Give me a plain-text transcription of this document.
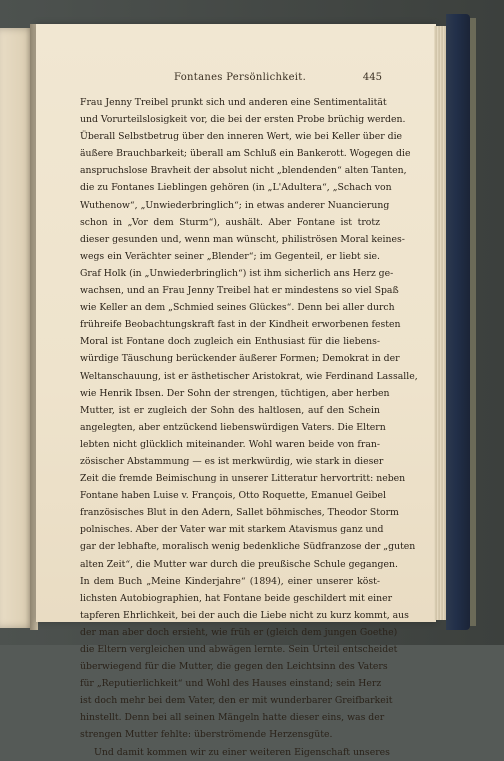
Fontanes Persönlichkeit.	445
Frau Jenny Treibel prunkt sich und anderen eine Sentimentalität
und Vorurteilslosigkeit vor, die bei der ersten Probe brüchig werden.
Überall Selbstbetrug über den inneren Wert, wie bei Keller über die
äußere Brauchbarkeit; überall am Schluß ein Bankerott. Wogegen die
anspruchslose Bravheit der absolut nicht „blendenden“ alten Tanten,
die zu Fontanes Lieblingen gehören (in „L'Adultera“, „Schach von
Wuthenow“, „Unwiederbringlich“; in etwas anderer Nuancierung
schon in „Vor dem Sturm“), aushält. Aber Fontane ist trotz
dieser gesunden und, wenn man wünscht, philiströsen Moral keines-
wegs ein Verächter seiner „Blender“; im Gegenteil, er liebt sie.
Graf Holk (in „Unwiederbringlich“) ist ihm sicherlich ans Herz ge-
wachsen, und an Frau Jenny Treibel hat er mindestens so viel Spaß
wie Keller an dem „Schmied seines Glückes“. Denn bei aller durch
frühreife Beobachtungskraft fast in der Kindheit erworbenen festen
Moral ist Fontane doch zugleich ein Enthusiast für die liebens-
würdige Täuschung berückender äußerer Formen; Demokrat in der
Weltanschauung, ist er ästhetischer Aristokrat, wie Ferdinand Lassalle,
wie Henrik Ibsen. Der Sohn der strengen, tüchtigen, aber herben
Mutter, ist er zugleich der Sohn des haltlosen, auf den Schein
angelegten, aber entzückend liebenswürdigen Vaters. Die Eltern
lebten nicht glücklich miteinander. Wohl waren beide von fran-
zösischer Abstammung — es ist merkwürdig, wie stark in dieser
Zeit die fremde Beimischung in unserer Litteratur hervortritt: neben
Fontane haben Luise v. François, Otto Roquette, Emanuel Geibel
französisches Blut in den Adern, Sallet böhmisches, Theodor Storm
polnisches. Aber der Vater war mit starkem Atavismus ganz und
gar der lebhafte, moralisch wenig bedenkliche Südfranzose der „guten
alten Zeit“, die Mutter war durch die preußische Schule gegangen.
In dem Buch „Meine Kinderjahre“ (1894), einer unserer köst-
lichsten Autobiographien, hat Fontane beide geschildert mit einer
tapferen Ehrlichkeit, bei der auch die Liebe nicht zu kurz kommt, aus
der man aber doch ersieht, wie früh er (gleich dem jungen Goethe)
die Eltern vergleichen und abwägen lernte. Sein Urteil entscheidet
überwiegend für die Mutter, die gegen den Leichtsinn des Vaters
für „Reputierlichkeit“ und Wohl des Hauses einstand; sein Herz
ist doch mehr bei dem Vater, den er mit wunderbarer Greifbarkeit
hinstellt. Denn bei all seinen Mängeln hatte dieser eins, was der
strengen Mutter fehlte: überströmende Herzensgüte.
Und damit kommen wir zu einer weiteren Eigenschaft unseres
